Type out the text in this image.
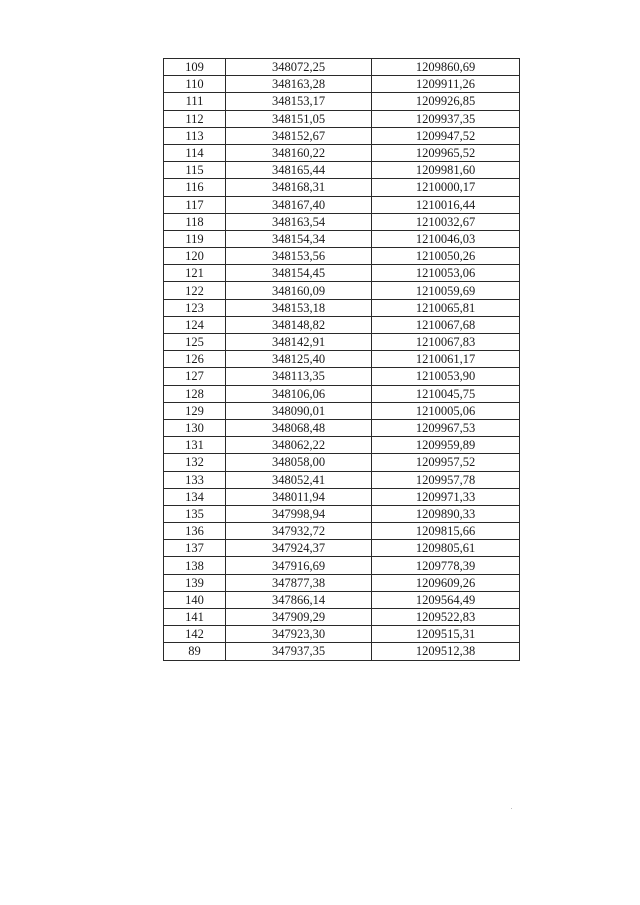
109	348072,25	1209860,69
110	348163,28	1209911,26
111	348153,17	1209926,85
112	348151,05	1209937,35
113	348152,67	1209947,52
114	348160,22	1209965,52
115	348165,44	1209981,60
116	348168,31	1210000,17
117	348167,40	1210016,44
118	348163,54	1210032,67
119	348154,34	1210046,03
120	348153,56	1210050,26
121	348154,45	1210053,06
122	348160,09	1210059,69
123	348153,18	1210065,81
124	348148,82	1210067,68
125	348142,91	1210067,83
126	348125,40	1210061,17
127	348113,35	1210053,90
128	348106,06	1210045,75
129	348090,01	1210005,06
130	348068,48	1209967,53
131	348062,22	1209959,89
132	348058,00	1209957,52
133	348052,41	1209957,78
134	348011,94	1209971,33
135	347998,94	1209890,33
136	347932,72	1209815,66
137	347924,37	1209805,61
138	347916,69	1209778,39
139	347877,38	1209609,26
140	347866,14	1209564,49
141	347909,29	1209522,83
142	347923,30	1209515,31
89	347937,35	1209512,38
